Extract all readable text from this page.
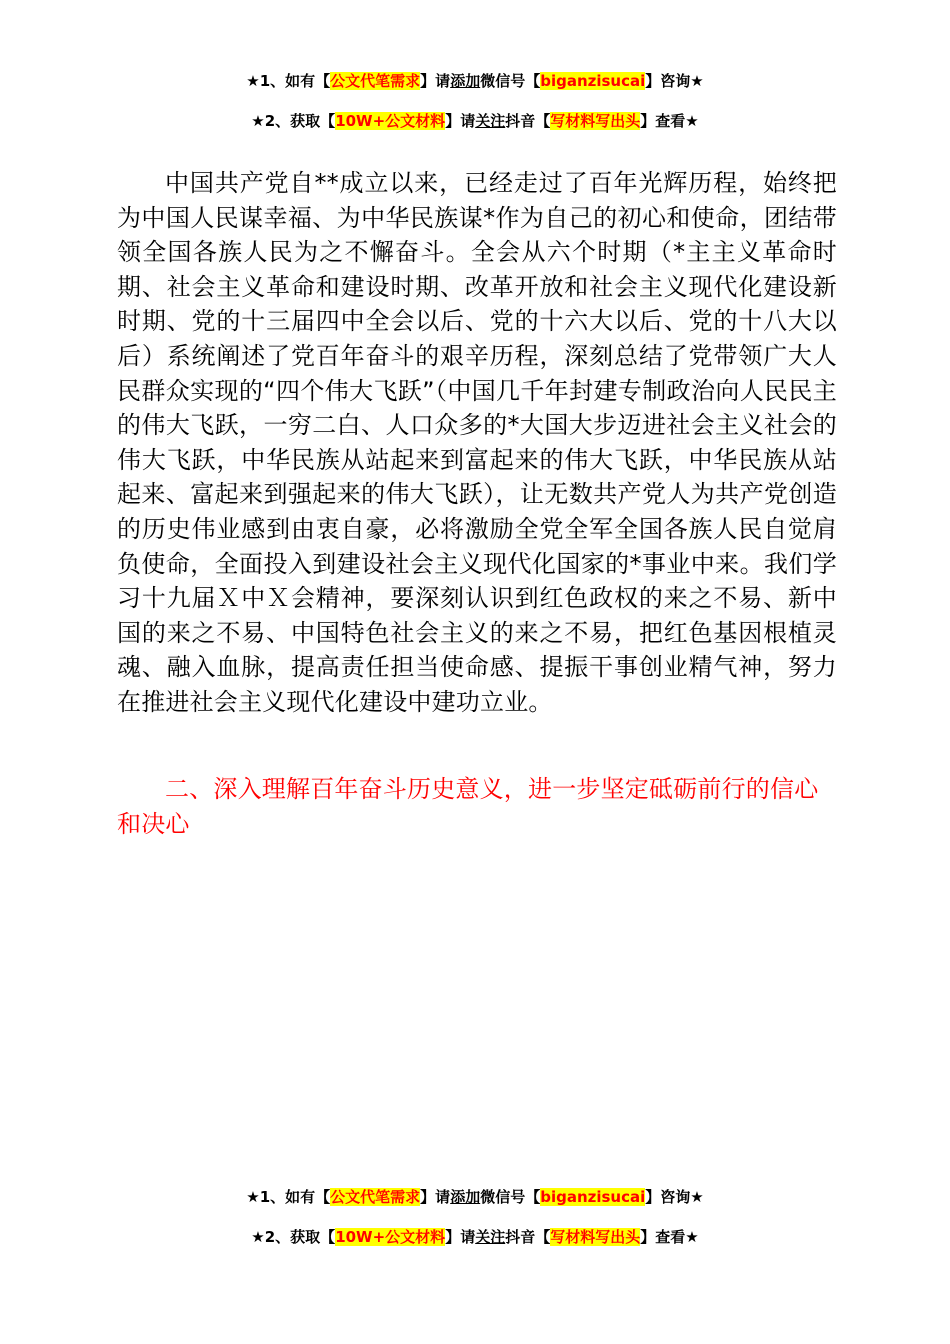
★1、如有【公文代笔需求】请添加微信号【biganzisucai】咨询★
★2、获取【10W+公文材料】请关注抖音【写材料写出头】查看★

中国共产党自**成立以来，已经走过了百年光辉历程，始终把为中国人民谋幸福、为中华民族谋*作为自己的初心和使命，团结带领全国各族人民为之不懈奋斗。全会从六个时期（*主主义革命时期、社会主义革命和建设时期、改革开放和社会主义现代化建设新时期、党的十三届四中全会以后、党的十六大以后、党的十八大以后）系统阐述了党百年奋斗的艰辛历程，深刻总结了党带领广大人民群众实现的“四个伟大飞跃”（中国几千年封建专制政治向人民民主的伟大飞跃，一穷二白、人口众多的*大国大步迈进社会主义社会的伟大飞跃，中华民族从站起来到富起来的伟大飞跃，中华民族从站起来、富起来到强起来的伟大飞跃），让无数共产党人为共产党创造的历史伟业感到由衷自豪，必将激励全党全军全国各族人民自觉肩负使命，全面投入到建设社会主义现代化国家的*事业中来。我们学习十九届Ｘ中Ｘ会精神，要深刻认识到红色政权的来之不易、新中国的来之不易、中国特色社会主义的来之不易，把红色基因根植灵魂、融入血脉，提高责任担当使命感、提振干事创业精气神，努力在推进社会主义现代化建设中建功立业。

二、深入理解百年奋斗历史意义，进一步坚定砥砺前行的信心和决心

★1、如有【公文代笔需求】请添加微信号【biganzisucai】咨询★
★2、获取【10W+公文材料】请关注抖音【写材料写出头】查看★
